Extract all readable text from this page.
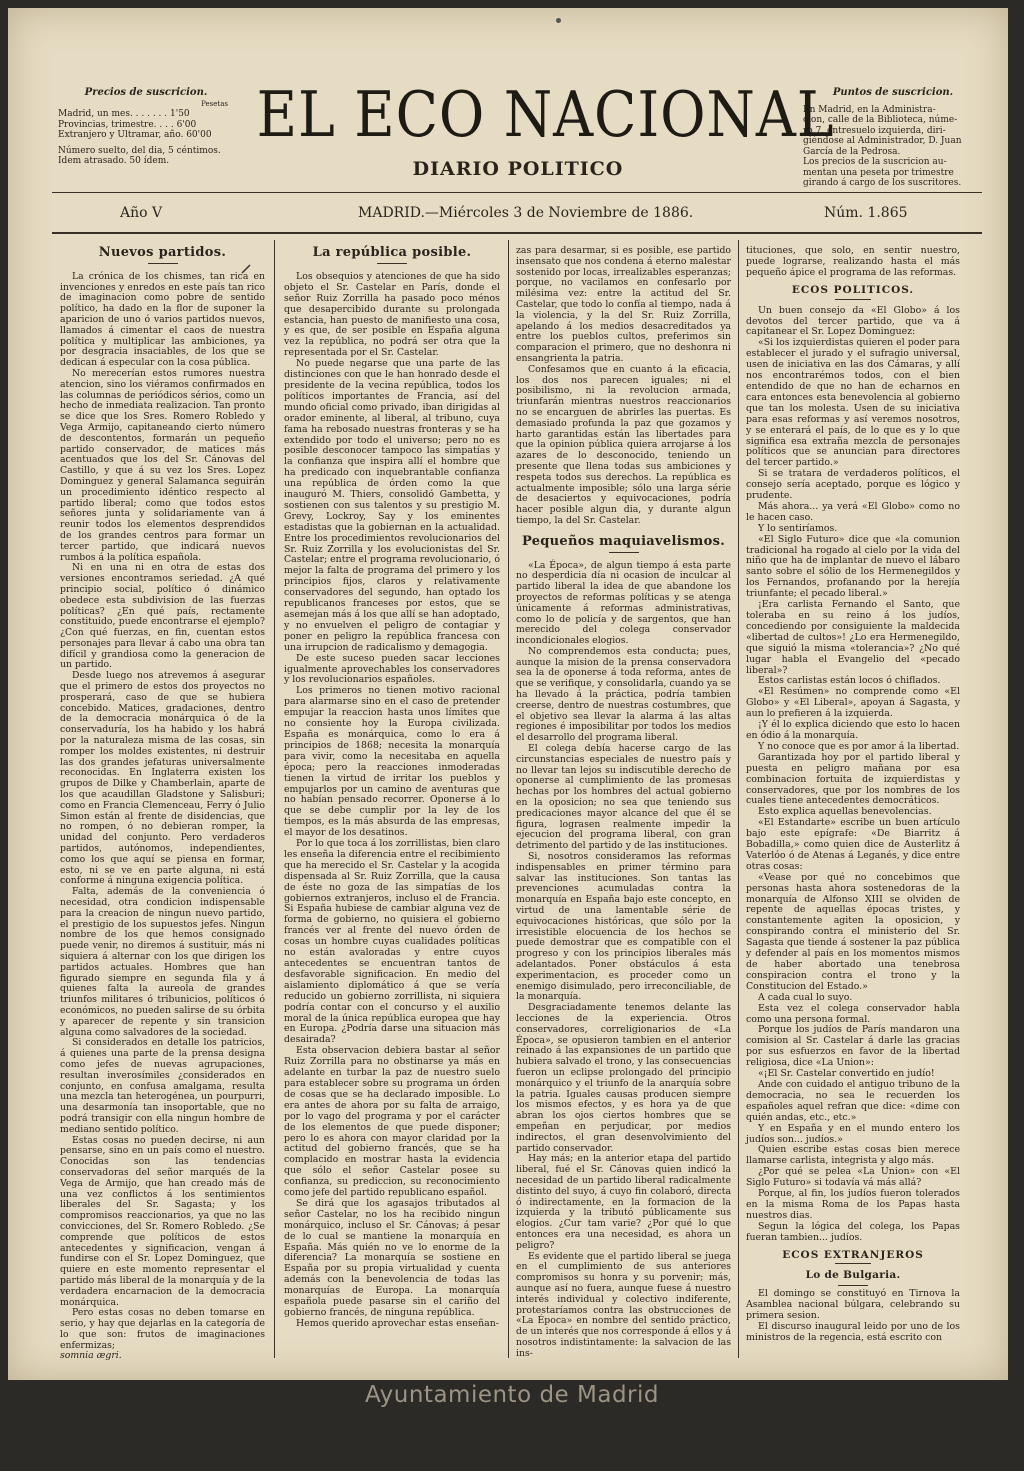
Precios de suscricion.
Pesetas
Madrid, un mes. . . . . . . 1'50
Provincias, trimestre. . . . 6'00
Extranjero y Ultramar, año. 60'00
Número suelto, del dia, 5 céntimos.
Idem atrasado. 50 ídem.
Puntos de suscricion.
En Madrid, en la Administra-
cion, calle de la Biblioteca, núme-
ro 7, entresuelo izquierda, diri-
giéndose al Administrador, D. Juan
García de la Pedrosa.
Los precios de la suscricion au-
mentan una peseta por trimestre
girando á cargo de los suscritores.
EL ECO NACIONAL
DIARIO POLITICO
Año V	MADRID.—Miércoles 3 de Noviembre de 1886.	Núm. 1.865
Nuevos partidos.

La crónica de los chismes, tan rica en invenciones y enredos en este país tan rico de imaginacion como pobre de sentido político, ha dado en la flor de suponer la aparicion de uno ó varios partidos nuevos, llamados á cimentar el caos de nuestra política y multiplicar las ambiciones, ya por desgracia insaciables, de los que se dedican á especular con la cosa pública.

No merecerían estos rumores nuestra atencion, sino los viéramos confirmados en las columnas de periódicos sérios, como un hecho de inmediata realizacion. Tan pronto se dice que los Sres. Romero Robledo y Vega Armijo, capitaneando cierto número de descontentos, formarán un pequeño partido conservador, de matices más acentuados que los del Sr. Cánovas del Castillo, y que á su vez los Sres. Lopez Dominguez y general Salamanca seguirán un procedimiento idéntico respecto al partido liberal; como que todos estos señores junta y solidariamente van á reunir todos los elementos desprendidos de los grandes centros para formar un tercer partido, que indicará nuevos rumbos á la política española.

Ni en una ni en otra de estas dos versiones encontramos seriedad. ¿A qué principio social, político ó dinámico obedece esta subdivision de las fuerzas políticas? ¿En qué país, rectamente constituido, puede encontrarse el ejemplo? ¿Con qué fuerzas, en fin, cuentan estos personajes para llevar á cabo una obra tan difícil y grandiosa como la generacion de un partido.

Desde luego nos atrevemos á asegurar que el primero de estos dos proyectos no prosperará, caso de que se hubiera concebido. Matices, gradaciones, dentro de la democracia monárquica ó de la conservaduría, los ha habido y los habrá por la naturaleza misma de las cosas, sin romper los moldes existentes, ni destruir las dos grandes jefaturas universalmente reconocidas. En Inglaterra existen los grupos de Dilke y Chamberlain, aparte de los que acaudillan Gladstone y Salisburi; como en Francia Clemenceau, Ferry ó Julio Simon están al frente de disidencias, que no rompen, ó no debieran romper, la unidad del conjunto. Pero verdaderos partidos, autónomos, independientes, como los que aquí se piensa en formar, esto, ni se ve en parte alguna, ni está conforme á ninguna exigencia política.

Falta, además de la conveniencia ó necesidad, otra condicion indispensable para la creacion de ningun nuevo partido, el prestigio de los supuestos jefes. Ningun nombre de los que hemos consignado puede venir, no diremos á sustituir, más ni siquiera á alternar con los que dirigen los partidos actuales. Hombres que han figurado siempre en segunda fila y á quienes falta la aureola de grandes triunfos militares ó tribunicios, políticos ó económicos, no pueden salirse de su órbita y aparecer de repente y sin transicion alguna como salvadores de la sociedad.

Si considerados en detalle los patricios, á quienes una parte de la prensa designa como jefes de nuevas agrupaciones, resultan inverosímiles ¿considerados en conjunto, en confusa amalgama, resulta una mezcla tan heterogénea, un pourpurri, una desarmonía tan insoportable, que no podrá transigir con ella ningun hombre de mediano sentido político.

Estas cosas no pueden decirse, ni aun pensarse, sino en un país como el nuestro. Conocidas son las tendencias conservadoras del señor marqués de la Vega de Armijo, que han creado más de una vez conflictos á los sentimientos liberales del Sr. Sagasta; y los compromisos reaccionarios, ya que no las convicciones, del Sr. Romero Robledo. ¿Se comprende que políticos de estos antecedentes y significacion, vengan á fundirse con el Sr. Lopez Dominguez, que quiere en este momento representar el partido más liberal de la monarquía y de la verdadera encarnacion de la democracia monárquica.

Pero estas cosas no deben tomarse en serio, y hay que dejarlas en la categoría de lo que son: frutos de imaginaciones enfermizas;

somnia ægri.
La república posible.

Los obsequios y atenciones de que ha sido objeto el Sr. Castelar en París, donde el señor Ruiz Zorrilla ha pasado poco ménos que desapercibido durante su prolongada estancia, han puesto de manifiesto una cosa, y es que, de ser posible en España alguna vez la república, no podrá ser otra que la representada por el Sr. Castelar.

No puede negarse que una parte de las distinciones con que le han honrado desde el presidente de la vecina república, todos los políticos importantes de Francia, así del mundo oficial como privado, iban dirigidas al orador eminente, al liberal, al tribuno, cuya fama ha rebosado nuestras fronteras y se ha extendido por todo el universo; pero no es posible desconocer tampoco las simpatías y la confianza que inspira allí el hombre que ha predicado con inquebrantable confianza una república de órden como la que inauguró M. Thiers, consolidó Gambetta, y sostienen con sus talentos y su prestigio M. Grevy, Lockroy, Say y los eminentes estadistas que la gobiernan en la actualidad. Entre los procedimientos revolucionarios del Sr. Ruiz Zorrilla y los evolucionistas del Sr. Castelar; entre el programa revolucionario, ó mejor la falta de programa del primero y los principios fijos, claros y relativamente conservadores del segundo, han optado los republicanos franceses por estos, que se asemejan más á los que allí se han adoptado, y no envuelven el peligro de contagiar y poner en peligro la república francesa con una irrupcion de radicalismo y demagogia.

De este suceso pueden sacar lecciones igualmente aprovechables los conservadores y los revolucionarios españoles.

Los primeros no tienen motivo racional para alarmarse sino en el caso de pretender empujar la reaccion hasta unos límites que no consiente hoy la Europa civilizada. España es monárquica, como lo era á principios de 1868; necesita la monarquía para vivir, como la necesitaba en aquella época; pero la reacciones inmoderadas tienen la virtud de irritar los pueblos y empujarlos por un camino de aventuras que no habían pensado recorrer. Oponerse á lo que se debe cumplir por la ley de los tiempos, es la más absurda de las empresas, el mayor de los desatinos.

Por lo que toca á los zorrillistas, bien claro les enseña la diferencia entre el recibimiento que ha merecido el Sr. Castelar y la acogida dispensada al Sr. Ruiz Zorrilla, que la causa de éste no goza de las simpatías de los gobiernos extranjeros, incluso el de Francia. Si España hubiese de cambiar alguna vez de forma de gobierno, no quisiera el gobierno francés ver al frente del nuevo órden de cosas un hombre cuyas cualidades políticas no están avaloradas y entre cuyos antecedentes se encuentran tantos de desfavorable significacion. En medio del aislamiento diplomático á que se vería reducido un gobierno zorrillista, ni siquiera podría contar con el concurso y el auxilio moral de la única república europea que hay en Europa. ¿Podría darse una situacion más desairada?

Esta observacion debiera bastar al señor Ruiz Zorrilla para no obstinarse ya más en adelante en turbar la paz de nuestro suelo para establecer sobre su programa un órden de cosas que se ha declarado imposible. Lo era antes de ahora por su falta de arraigo, por lo vago del programa y por el carácter de los elementos de que puede disponer; pero lo es ahora con mayor claridad por la actitud del gobierno francés, que se ha complacido en mostrar hasta la evidencia que sólo el señor Castelar posee su confianza, su prediccion, su reconocimiento como jefe del partido republicano español.

Se dirá que los agasajos tributados al señor Castelar, no los ha recibido ningun monárquico, incluso el Sr. Cánovas; á pesar de lo cual se mantiene la monarquía en España. Más quién no ve lo enorme de la diferencia? La monarquía se sostiene en España por su propia virtualidad y cuenta además con la benevolencia de todas las monarquías de Europa. La monarquía española puede pasarse sin el cariño del gobierno francés, de ninguna república.

Hemos querido aprovechar estas enseñan-

zas para desarmar, si es posible, ese partido insensato que nos condena á eterno malestar sostenido por locas, irrealizables esperanzas; porque, no vacilamos en confesarlo por milésima vez: entre la actitud del Sr. Castelar, que todo lo confía al tiempo, nada á la violencia, y la del Sr. Ruiz Zorrilla, apelando á los medios desacreditados ya entre los pueblos cultos, preferimos sin comparacion el primero, que no deshonra ni ensangrienta la patria.

Confesamos que en cuanto á la eficacia, los dos nos parecen iguales; ni el posibilismo, ni la revolucion armada, triunfarán mientras nuestros reaccionarios no se encarguen de abrirles las puertas. Es demasiado profunda la paz que gozamos y harto garantidas están las libertades para que la opinion pública quiera arrojarse á los azares de lo desconocido, teniendo un presente que llena todas sus ambiciones y respeta todos sus derechos. La república es actualmente imposible; sólo una larga série de desaciertos y equivocaciones, podría hacer posible algun dia, y durante algun tiempo, la del Sr. Castelar.

Pequeños maquiavelismos.

«La Época», de algun tiempo á esta parte no desperdicia día ni ocasion de inculcar al partido liberal la idea de que abandone los proyectos de reformas políticas y se atenga únicamente á reformas administrativas, como lo de policía y de sargentos, que han merecido del colega conservador incondicionales elogios.

No comprendemos esta conducta; pues, aunque la mision de la prensa conservadora sea la de oponerse á toda reforma, antes de que se verifique, y consolidarla, cuando ya se ha llevado á la práctica, podría tambien creerse, dentro de nuestras costumbres, que el objetivo sea llevar la alarma á las altas regiones é imposibilitar por todos los medios el desarrollo del programa liberal.

El colega debía hacerse cargo de las circunstancias especiales de nuestro país y no llevar tan lejos su indiscutible derecho de oponerse al cumplimiento de las promesas hechas por los hombres del actual gobierno en la oposicion; no sea que teniendo sus predicaciones mayor alcance del que él se figura, lograsen realmente impedir la ejecucion del programa liberal, con gran detrimento del partido y de las instituciones.

Si, nosotros consideramos las reformas indispensables en primer término para salvar las instituciones. Son tantas las prevenciones acumuladas contra la monarquía en España bajo este concepto, en virtud de una lamentable série de equivocaciones históricas, que sólo por la irresistible elocuencia de los hechos se puede demostrar que es compatible con el progreso y con los principios liberales más adelantados. Poner obstáculos á esta experimentacion, es proceder como un enemigo disimulado, pero irreconciliable, de la monarquía.

Desgraciadamente tenemos delante las lecciones de la experiencia. Otros conservadores, correligionarios de «La Época», se opusieron tambien en el anterior reinado á las expansiones de un partido que hubiera salvado el trono, y las consecuencias fueron un eclipse prolongado del principio monárquico y el triunfo de la anarquía sobre la patria. Iguales causas producen siempre los mismos efectos, y es hora ya de que abran los ojos ciertos hombres que se empeñan en perjudicar, por medios indirectos, el gran desenvolvimiento del partido conservador.

Hay más; en la anterior etapa del partido liberal, fué el Sr. Cánovas quien indicó la necesidad de un partido liberal radicalmente distinto del suyo, á cuyo fin colaboró, directa ó indirectamente, en la formacion de la izquierda y la tributó públicamente sus elogios. ¿Cur tam varie? ¿Por qué lo que entonces era una necesidad, es ahora un peligro?

Es evidente que el partido liberal se juega en el cumplimiento de sus anteriores compromisos su honra y su porvenir; más, aunque así no fuera, aunque fuese á nuestro interés individual y colectivo indiferente, protestaríamos contra las obstrucciones de «La Época» en nombre del sentido práctico, de un interés que nos corresponde á ellos y á nosotros indistintamente: la salvacion de las ins-

tituciones, que solo, en sentir nuestro, puede lograrse, realizando hasta el más pequeño ápice el programa de las reformas.

ECOS POLITICOS.

Un buen consejo da «El Globo» á los devotos del tercer partido, que va á capitanear el Sr. Lopez Dominguez:

«Si los izquierdistas quieren el poder para establecer el jurado y el sufragio universal, usen de iniciativa en las dos Cámaras, y allí nos encontrarémos todos, con el bien entendido de que no han de echarnos en cara entonces esta benevolencia al gobierno que tan los molesta. Usen de su iniciativa para esas reformas y así veremos nosotros, y se enterará el país, de lo que es y lo que significa esa extraña mezcla de personajes políticos que se anuncian para directores del tercer partido.»

Si se tratara de verdaderos políticos, el consejo sería aceptado, porque es lógico y prudente.

Más ahora... ya verá «El Globo» como no le hacen caso.

Y lo sentiríamos.

«El Siglo Futuro» dice que «la comunion tradicional ha rogado al cielo por la vida del niño que ha de implantar de nuevo el lábaro santo sobre el sólio de los Hermenegildos y los Fernandos, profanando por la herejía triunfante; el pecado liberal.»

¡Era carlista Fernando el Santo, que toleraba en su reino á los judíos, concediendo por consiguiente la maldecida «libertad de cultos»! ¿Lo era Hermenegildo, que siguió la misma «tolerancia»? ¿No qué lugar habla el Evangelio del «pecado liberal»?

Estos carlistas están locos ó chiflados.

«El Resúmen» no comprende como «El Globo» y «El Liberal», apoyan á Sagasta, y aun lo prefieren á la izquierda.

¡Y él lo explica diciendo que esto lo hacen en ódio á la monarquía.

Y no conoce que es por amor á la libertad.

Garantizada hoy por el partido liberal y puesta en peligro mañana por esa combinacion fortuita de izquierdistas y conservadores, que por los nombres de los cuales tiene antecedentes democráticos.

Esto explica aquellas benevolencias.

«El Estandarte» escribe un buen artículo bajo este epígrafe: «De Biarritz á Bobadilla,» como quien dice de Austerlitz á Vaterlóo ó de Atenas á Leganés, y dice entre otras cosas:

«Vease por qué no concebimos que personas hasta ahora sostenedoras de la monarquía de Alfonso XIII se olviden de repente de aquellas épocas tristes, y constantemente agiten la oposicion, y conspirando contra el ministerio del Sr. Sagasta que tiende á sostener la paz pública y defender al país en los momentos mismos de haber abortado una tenebrosa conspiracion contra el trono y la Constitucion del Estado.»

A cada cual lo suyo.

Esta vez el colega conservador habla como una persona formal.

Porque los judíos de París mandaron una comision al Sr. Castelar á darle las gracias por sus esfuerzos en favor de la libertad religiosa, dice «La Union»:

«¡El Sr. Castelar convertido en judío!

Ande con cuidado el antiguo tribuno de la democracia, no sea le recuerden los españoles aquel refran que dice: «dime con quién andas, etc., etc.»

Y en España y en el mundo entero los judíos son... judíos.»

Quien escribe estas cosas bien merece llamarse carlista, integrista y algo más.

¿Por qué se pelea «La Union» con «El Siglo Futuro» si todavía vá más allá?

Porque, al fin, los judíos fueron tolerados en la misma Roma de los Papas hasta nuestros dias.

Segun la lógica del colega, los Papas fueran tambien... judíos.

ECOS EXTRANJEROS
Lo de Bulgaria.

El domingo se constituyó en Tirnova la Asamblea nacional búlgara, celebrando su primera sesion.

El discurso inaugural leido por uno de los ministros de la regencia, está escrito con

Ayuntamiento de Madrid
